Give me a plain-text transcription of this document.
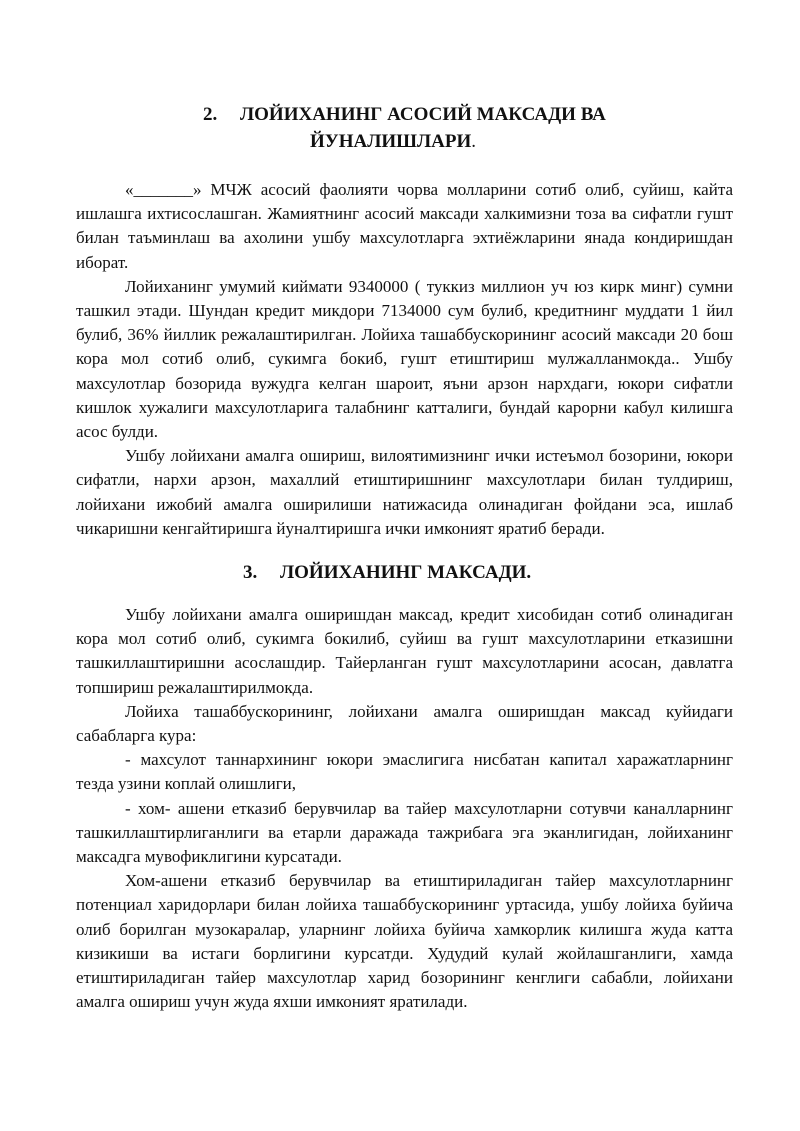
2. ЛОЙИХАНИНГ АСОСИЙ МАКСАДИ ВА
ЙУНАЛИШЛАРИ.

«_______» МЧЖ асосий фаолияти чорва молларини сотиб олиб, суйиш, кайта ишлашга ихтисослашган. Жамиятнинг асосий максади халкимизни тоза ва сифатли гушт билан таъминлаш ва ахолини ушбу махсулотларга эхтиёжларини янада кондиришдан иборат.

Лойиханинг умумий киймати 9340000 ( туккиз миллион уч юз кирк минг) сумни ташкил этади. Шундан кредит микдори 7134000 сум булиб, кредитнинг муддати 1 йил булиб, 36% йиллик режалаштирилган. Лойиха ташаббускорининг асосий максади 20 бош кора мол сотиб олиб, сукимга бокиб, гушт етиштириш мулжалланмокда.. Ушбу махсулотлар бозорида вужудга келган шароит, яъни арзон нархдаги, юкори сифатли кишлок хужалиги махсулотларига талабнинг катталиги, бундай карорни кабул килишга асос булди.

Ушбу лойихани амалга ошириш, вилоятимизнинг ички истеъмол бозорини, юкори сифатли, нархи арзон, махаллий етиштиришнинг махсулотлари билан тулдириш, лойихани ижобий амалга оширилиши натижасида олинадиган фойдани эса, ишлаб чикаришни кенгайтиришга йуналтиришга ички имконият яратиб беради.

3. ЛОЙИХАНИНГ МАКСАДИ.

Ушбу лойихани амалга оширишдан максад, кредит хисобидан сотиб олинадиган кора мол сотиб олиб, сукимга бокилиб, суйиш ва гушт махсулотларини етказишни ташкиллаштиришни асослашдир. Тайерланган гушт махсулотларини асосан, давлатга топшириш режалаштирилмокда.

Лойиха ташаббускорининг, лойихани амалга оширишдан максад куйидаги сабабларга кура:

- махсулот таннархининг юкори эмаслигига нисбатан капитал харажатларнинг тезда узини коплай олишлиги,

- хом- ашени етказиб берувчилар ва тайер махсулотларни сотувчи каналларнинг ташкиллаштирлиганлиги ва етарли даражада тажрибага эга эканлигидан, лойиханинг максадга мувофиклигини курсатади.

Хом-ашени етказиб берувчилар ва етиштириладиган тайер махсулотларнинг потенциал харидорлари билан лойиха ташаббускорининг уртасида, ушбу лойиха буйича олиб борилган музокаралар, уларнинг лойиха буйича хамкорлик килишга жуда катта кизикиши ва истаги борлигини курсатди. Худудий кулай жойлашганлиги, хамда етиштириладиган тайер махсулотлар харид бозорининг кенглиги сабабли, лойихани амалга ошириш учун жуда яхши имконият яратилади.
